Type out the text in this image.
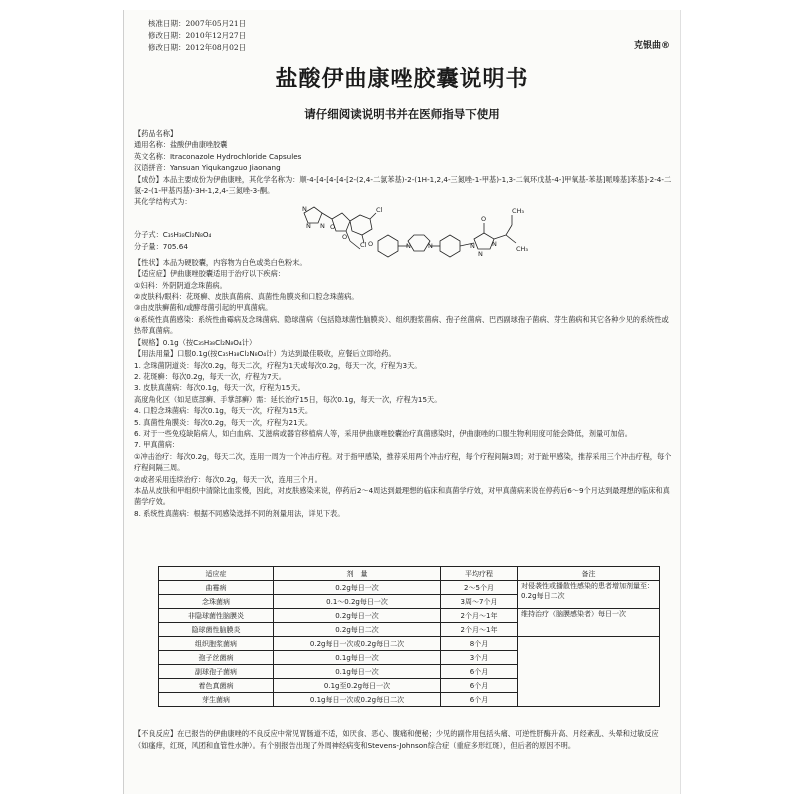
核准日期：2007年05月21日
修改日期：2010年12月27日
修改日期：2012年08月02日	克银曲®
盐酸伊曲康唑胶囊说明书
请仔细阅读说明书并在医师指导下使用
【药品名称】
通用名称：盐酸伊曲康唑胶囊
英文名称：Itraconazole Hydrochloride Capsules
汉语拼音：Yansuan Yiqukangzuo Jiaonang
【成份】本品主要成份为伊曲康唑，其化学名称为：顺-4-[4-[4-[4-[2-(2,4-二氯苯基)-2-(1H-1,2,4-三氮唑-1-甲基)-1,3-二氧环戊基-4-]甲氧基-苯基]哌嗪基]苯基]-2-4-二氢-2-(1-甲基丙基)-3H-1,2,4-三氮唑-3-酮。
其化学结构式为：
N
N N
Cl
Cl
O
O
O	N	N	N
N
N
O
CH₃
CH₃
分子式：C₃₅H₃₈Cl₂N₈O₄
分子量：705.64
【性状】本品为硬胶囊，内容物为白色或类白色粉末。
【适应症】伊曲康唑胶囊适用于治疗以下疾病：
①妇科：外阴阴道念珠菌病。
②皮肤科/眼科：花斑癣、皮肤真菌病、真菌性角膜炎和口腔念珠菌病。
③由皮肤癣菌和/或酵母菌引起的甲真菌病。
④系统性真菌感染：系统性曲霉病及念珠菌病、隐球菌病（包括隐球菌性脑膜炎）、组织胞浆菌病、孢子丝菌病、巴西副球孢子菌病、芽生菌病和其它各种少见的系统性或热带真菌病。
【规格】0.1g（按C₃₅H₃₈Cl₂N₈O₄计）
【用法用量】口服0.1g(按C₃₅H₃₈Cl₂N₈O₄计）为达到最佳吸收，应餐后立即给药。
1. 念珠菌阴道炎：每次0.2g，每天二次，疗程为1天或每次0.2g，每天一次，疗程为3天。
2. 花斑癣：每次0.2g，每天一次，疗程为7天。
3. 皮肤真菌病：每次0.1g，每天一次，疗程为15天。
高度角化区（如足底部癣、手掌部癣）需：延长治疗15日，每次0.1g，每天一次，疗程为15天。
4. 口腔念珠菌病：每次0.1g，每天一次，疗程为15天。
5. 真菌性角膜炎：每次0.2g，每天一次，疗程为21天。
6. 对于一些免疫缺陷病人，如白血病、艾滋病或器官移植病人等，采用伊曲康唑胶囊治疗真菌感染时，伊曲康唑的口服生物利用度可能会降低，剂量可加倍。
7. 甲真菌病：
①冲击治疗：每次0.2g，每天二次，连用一周为一个冲击疗程。对于指甲感染，推荐采用两个冲击疗程，每个疗程间隔3周；对于趾甲感染，推荐采用三个冲击疗程，每个疗程间隔三周。
②或者采用连续治疗：每次0.2g，每天一次，连用三个月。
本品从皮肤和甲组织中清除比血浆慢，因此，对皮肤感染来说，停药后2～4周达到最理想的临床和真菌学疗效，对甲真菌病来说在停药后6～9个月达到最理想的临床和真菌学疗效。
8. 系统性真菌病：根据不同感染选择不同的剂量用法，详见下表。
适应症	剂　量	平均疗程	备注
曲霉病	0.2g每日一次	2～5个月	对侵袭性或播散性感染的患者增加剂量至：0.2g每日二次
念珠菌病	0.1～0.2g每日一次	3周～7个月	
非隐球菌性脑膜炎	0.2g每日一次	2个月～1年	维持治疗（脑膜感染者）每日一次
隐球菌性脑膜炎	0.2g每日二次	2个月～1年	
组织胞浆菌病	0.2g每日一次或0.2g每日二次	8个月	
孢子丝菌病	0.1g每日一次	3个月	
副球孢子菌病	0.1g每日一次	6个月	
着色真菌病	0.1g至0.2g每日一次	6个月	
芽生菌病	0.1g每日一次或0.2g每日二次	6个月	
【不良反应】在已报告的伊曲康唑的不良反应中常见胃肠道不适，如厌食、恶心、腹痛和便秘；少见的副作用包括头痛、可逆性肝酶升高、月经紊乱、头晕和过敏反应（如瘙痒，红斑，风团和血管性水肿）。有个别报告出现了外周神经病变和Stevens-Johnson综合症（重症多形红斑），但后者的原因不明。
